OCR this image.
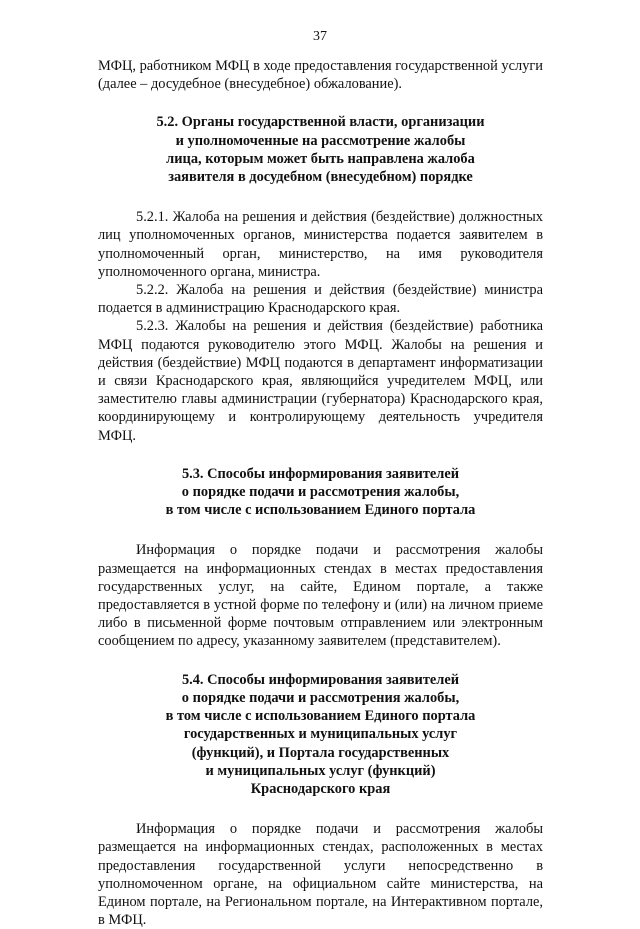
37

МФЦ, работником МФЦ в ходе предоставления государственной услуги (далее – досудебное (внесудебное) обжалование).

5.2. Органы государственной власти, организации
и уполномоченные на рассмотрение жалобы
лица, которым может быть направлена жалоба
заявителя в досудебном (внесудебном) порядке

5.2.1. Жалоба на решения и действия (бездействие) должностных лиц уполномоченных органов, министерства подается заявителем в уполномоченный орган, министерство, на имя руководителя уполномоченного органа, министра.

5.2.2. Жалоба на решения и действия (бездействие) министра подается в администрацию Краснодарского края.

5.2.3. Жалобы на решения и действия (бездействие) работника МФЦ подаются руководителю этого МФЦ. Жалобы на решения и действия (бездействие) МФЦ подаются в департамент информатизации и связи Краснодарского края, являющийся учредителем МФЦ, или заместителю главы администрации (губернатора) Краснодарского края, координирующему и контролирующему деятельность учредителя МФЦ.

5.3. Способы информирования заявителей
о порядке подачи и рассмотрения жалобы,
в том числе с использованием Единого портала

Информация о порядке подачи и рассмотрения жалобы размещается на информационных стендах в местах предоставления государственных услуг, на сайте, Едином портале, а также предоставляется в устной форме по телефону и (или) на личном приеме либо в письменной форме почтовым отправлением или электронным сообщением по адресу, указанному заявителем (представителем).

5.4. Способы информирования заявителей
о порядке подачи и рассмотрения жалобы,
в том числе с использованием Единого портала
государственных и муниципальных услуг
(функций), и Портала государственных
и муниципальных услуг (функций)
Краснодарского края

Информация о порядке подачи и рассмотрения жалобы размещается на информационных стендах, расположенных в местах предоставления государственной услуги непосредственно в уполномоченном органе, на официальном сайте министерства, на Едином портале, на Региональном портале, на Интерактивном портале, в МФЦ.
